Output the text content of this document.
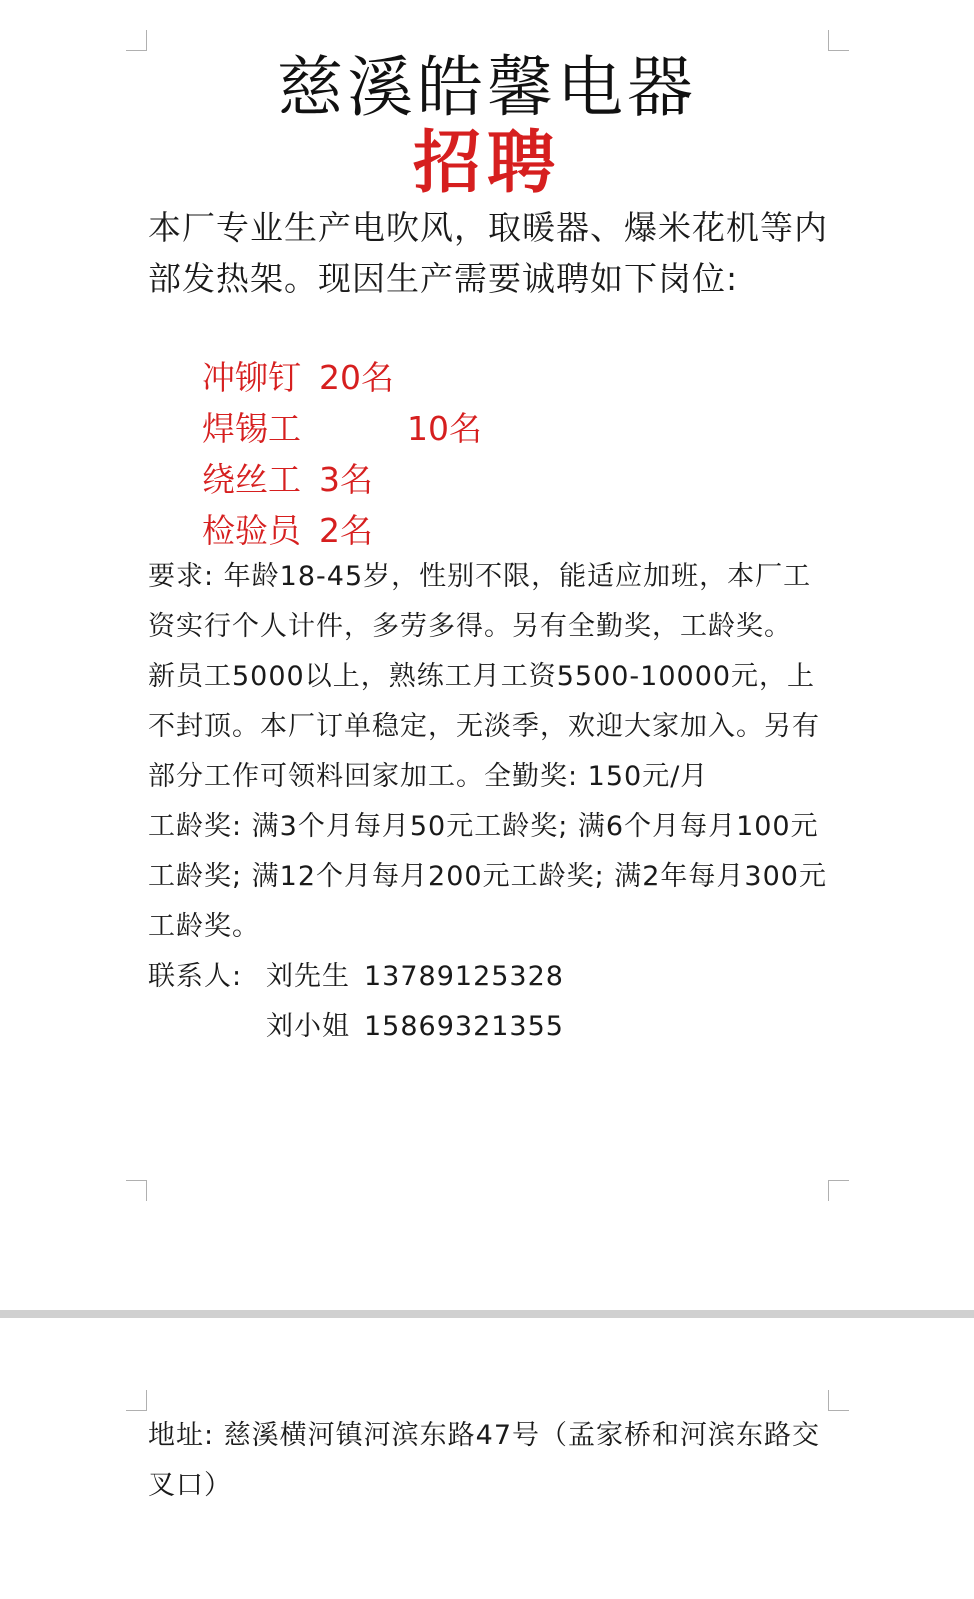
慈溪皓馨电器
招聘
本厂专业生产电吹风，取暖器、爆米花机等内部发热架。现因生产需要诚聘如下岗位:
冲铆钉 20名
焊锡工	10名
绕丝工 3名
检验员 2名

要求: 年龄18-45岁，性别不限，能适应加班，本厂工资实行个人计件，多劳多得。另有全勤奖，工龄奖。

新员工5000以上，熟练工月工资5500-10000元，上不封顶。本厂订单稳定，无淡季，欢迎大家加入。另有部分工作可领料回家加工。全勤奖: 150元/月

工龄奖: 满3个月每月50元工龄奖; 满6个月每月100元工龄奖; 满12个月每月200元工龄奖; 满2年每月300元工龄奖。

联系人: 刘先生 13789125328
刘小姐 15869321355
地址: 慈溪横河镇河滨东路47号（孟家桥和河滨东路交叉口）
